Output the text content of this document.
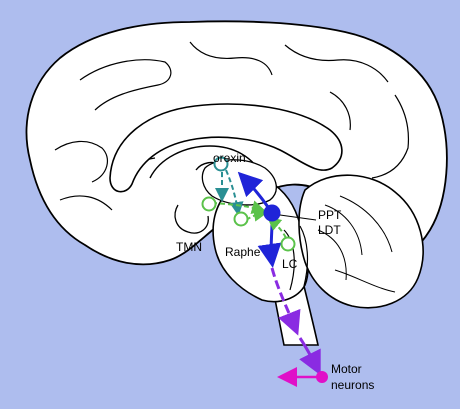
orexin
TMN Raphe
LC
PPT
LDT
Motor
neurons
